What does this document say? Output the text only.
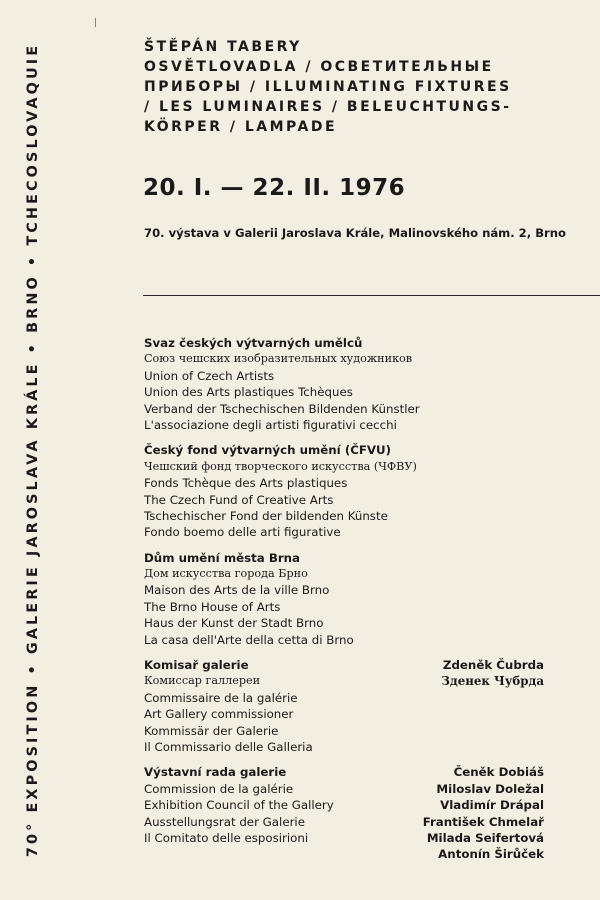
70° EXPOSITION • GALERIE JAROSLAVA KRÁLE • BRNO • TCHECOSLOVAQUIE	ŠTĚPÁN TABERY
OSVĚTLOVADLA / ОСВЕТИТЕЛЬНЫЕ
ПРИБОРЫ / ILLUMINATING FIXTURES
/ LES LUMINAIRES / BELEUCHTUNGS-
KÖRPER / LAMPADE
20. I. — 22. II. 1976
70. výstava v Galerii Jaroslava Krále, Malinovského nám. 2, Brno
Svaz českých výtvarných umělců
Союз чешских изобразительных художников
Union of Czech Artists
Union des Arts plastiques Tchèques
Verband der Tschechischen Bildenden Künstler
L'associazione degli artisti figurativi cecchi
Český fond výtvarných umění (ČFVU)
Чешский фонд творческого искусства (ЧФВУ)
Fonds Tchèque des Arts plastiques
The Czech Fund of Creative Arts
Tschechischer Fond der bildenden Künste
Fondo boemo delle arti figurative
Dům umění města Brna
Дом искусства города Брно
Maison des Arts de la ville Brno
The Brno House of Arts
Haus der Kunst der Stadt Brno
La casa dell'Arte della cetta di Brno
Komisař galerie
Комиссар галлереи
Commissaire de la galérie
Art Gallery commissioner
Kommissär der Galerie
Il Commissario delle Galleria
Zdeněk Čubrda
Зденек Чубрда
Výstavní rada galerie
Commission de la galérie
Exhibition Council of the Gallery
Ausstellungsrat der Galerie
Il Comitato delle esposirioni
Čeněk Dobiáš
Miloslav Doležal
Vladimír Drápal
František Chmelař
Milada Seifertová
Antonín Širůček
